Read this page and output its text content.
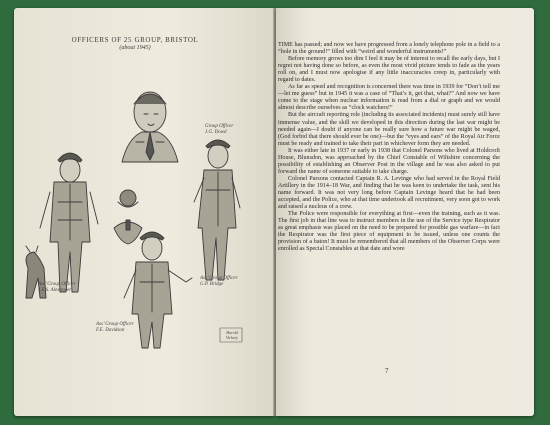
OFFICERS OF 25 GROUP, BRISTOL
(about 1945)
Group Officer
J.G. Dowd
Ass’ Group Officer
G.P. Bridge
Ass’ Group Officer
J.E.S. Alexander
Ass’ Group Officer
F.E. Davidson	Harold
Vickery

TIME has passed; and now we have progressed from a lonely telephone pole in a field to a “hole in the ground!” filled with “weird and wonderful instruments!”

Before memory grows too dim I feel it may be of interest to recall the early days, but I regret not having done so before, as even the most vivid picture tends to fade as the years roll on, and I must now apologise if any little inaccuracies creep in, particularly with regard to dates.

As far as speed and recognition is concerned there was time in 1939 for “Don’t tell me—let me guess” but in 1945 it was a case of “That’s it, get that, what?” And now we have come to the stage when nuclear information is read from a dial or graph and we would almost describe ourselves as “clock watchers!”

But the aircraft reporting role (including its associated incidents) must surely still have immense value, and the skill we developed in this direction during the last war might be needed again—I doubt if anyone can be really sure how a future war might be waged, (God forbid that there should ever be one)—but the “eyes and ears” of the Royal Air Force must be ready and trained to take their part in whichever form they are needed.

It was either late in 1937 or early in 1938 that Colonel Parsons who lived at Holdcroft House, Blunsdon, was approached by the Chief Constable of Wiltshire concerning the possibility of establishing an Observer Post in the village and he was also asked to put forward the name of someone suitable to take charge.

Colonel Parsons contacted Captain R. A. Levinge who had served in the Royal Field Artillery in the 1914–18 War, and finding that he was keen to undertake the task, sent his name forward. It was not very long before Captain Levinge heard that he had been accepted, and the Police, who at that time undertook all recruitment, very soon got to work and raised a nucleus of a crew.

The Police were responsible for everything at first—even the training, such as it was. The first job in that line was to instruct members in the use of the Service type Respirator as great emphasis was placed on the need to be prepared for possible gas warfare—in fact the Respirator was the first piece of equipment to be issued, unless one counts the provision of a baton! It must be remembered that all members of the Observer Corps were enrolled as Special Constables at that date and wore

7
